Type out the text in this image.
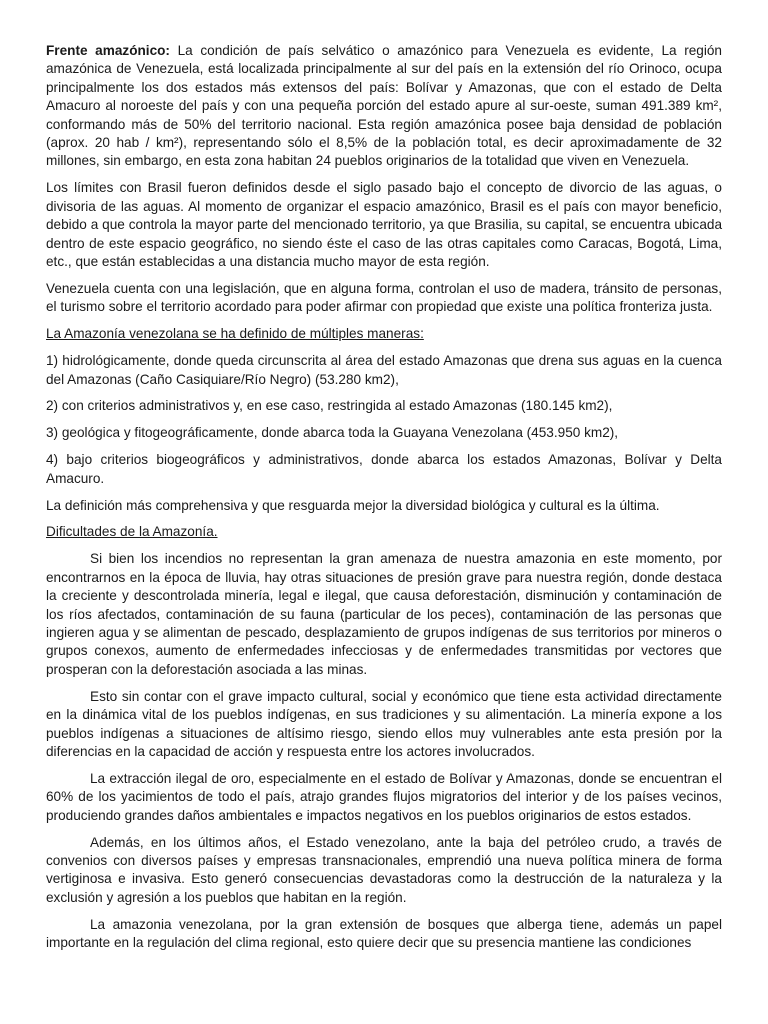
Frente amazónico: La condición de país selvático o amazónico para Venezuela es evidente, La región amazónica de Venezuela, está localizada principalmente al sur del país en la extensión del río Orinoco, ocupa principalmente los dos estados más extensos del país: Bolívar y Amazonas, que con el estado de Delta Amacuro al noroeste del país y con una pequeña porción del estado apure al sur-oeste, suman 491.389 km², conformando más de 50% del territorio nacional. Esta región amazónica posee baja densidad de población (aprox. 20 hab / km²), representando sólo el 8,5% de la población total, es decir aproximadamente de 32 millones, sin embargo, en esta zona habitan 24 pueblos originarios de la totalidad que viven en Venezuela.

Los límites con Brasil fueron definidos desde el siglo pasado bajo el concepto de divorcio de las aguas, o divisoria de las aguas. Al momento de organizar el espacio amazónico, Brasil es el país con mayor beneficio, debido a que controla la mayor parte del mencionado territorio, ya que Brasilia, su capital, se encuentra ubicada dentro de este espacio geográfico, no siendo éste el caso de las otras capitales como Caracas, Bogotá, Lima, etc., que están establecidas a una distancia mucho mayor de esta región.

Venezuela cuenta con una legislación, que en alguna forma, controlan el uso de madera, tránsito de personas, el turismo sobre el territorio acordado para poder afirmar con propiedad que existe una política fronteriza justa.

La Amazonía venezolana se ha definido de múltiples maneras:

1) hidrológicamente, donde queda circunscrita al área del estado Amazonas que drena sus aguas en la cuenca del Amazonas (Caño Casiquiare/Río Negro) (53.280 km2),

2) con criterios administrativos y, en ese caso, restringida al estado Amazonas (180.145 km2),

3) geológica y fitogeográficamente, donde abarca toda la Guayana Venezolana (453.950 km2),

4) bajo criterios biogeográficos y administrativos, donde abarca los estados Amazonas, Bolívar y Delta Amacuro.

La definición más comprehensiva y que resguarda mejor la diversidad biológica y cultural es la última.

Dificultades de la Amazonía.

Si bien los incendios no representan la gran amenaza de nuestra amazonia en este momento, por encontrarnos en la época de lluvia, hay otras situaciones de presión grave para nuestra región, donde destaca la creciente y descontrolada minería, legal e ilegal, que causa deforestación, disminución y contaminación de los ríos afectados, contaminación de su fauna (particular de los peces), contaminación de las personas que ingieren agua y se alimentan de pescado, desplazamiento de grupos indígenas de sus territorios por mineros o grupos conexos, aumento de enfermedades infecciosas y de enfermedades transmitidas por vectores que prosperan con la deforestación asociada a las minas.

Esto sin contar con el grave impacto cultural, social y económico que tiene esta actividad directamente en la dinámica vital de los pueblos indígenas, en sus tradiciones y su alimentación. La minería expone a los pueblos indígenas a situaciones de altísimo riesgo, siendo ellos muy vulnerables ante esta presión por la diferencias en la capacidad de acción y respuesta entre los actores involucrados.

La extracción ilegal de oro, especialmente en el estado de Bolívar y Amazonas, donde se encuentran el 60% de los yacimientos de todo el país, atrajo grandes flujos migratorios del interior y de los países vecinos, produciendo grandes daños ambientales e impactos negativos en los pueblos originarios de estos estados.

Además, en los últimos años, el Estado venezolano, ante la baja del petróleo crudo, a través de convenios con diversos países y empresas transnacionales, emprendió una nueva política minera de forma vertiginosa e invasiva. Esto generó consecuencias devastadoras como la destrucción de la naturaleza y la exclusión y agresión a los pueblos que habitan en la región.

La amazonia venezolana, por la gran extensión de bosques que alberga tiene, además un papel importante en la regulación del clima regional, esto quiere decir que su presencia mantiene las condiciones
